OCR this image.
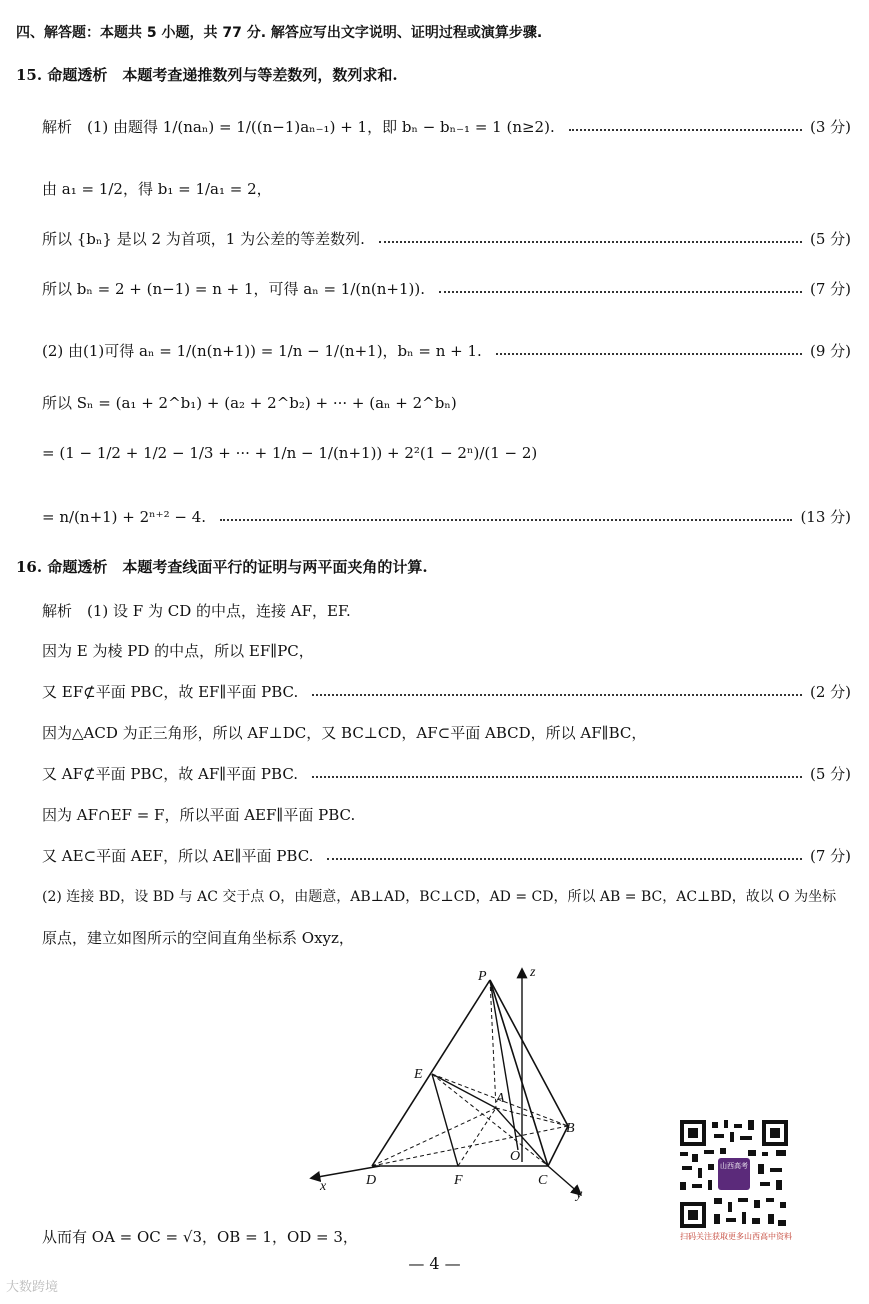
四、解答题：本题共 5 小题，共 77 分. 解答应写出文字说明、证明过程或演算步骤.
15. 命题透析　本题考查递推数列与等差数列，数列求和.
解析　(1) 由题得 1/(naₙ) = 1/((n−1)aₙ₋₁) + 1，即 bₙ − bₙ₋₁ = 1 (n≥2).	(3 分)
由 a₁ = 1/2，得 b₁ = 1/a₁ = 2，
所以 {bₙ} 是以 2 为首项，1 为公差的等差数列.	(5 分)
所以 bₙ = 2 + (n−1) = n + 1，可得 aₙ = 1/(n(n+1)).	(7 分)
(2) 由(1)可得 aₙ = 1/(n(n+1)) = 1/n − 1/(n+1)，bₙ = n + 1.	(9 分)
所以 Sₙ = (a₁ + 2^b₁) + (a₂ + 2^b₂) + ··· + (aₙ + 2^bₙ)
= (1 − 1/2 + 1/2 − 1/3 + ··· + 1/n − 1/(n+1)) + 2²(1 − 2ⁿ)/(1 − 2)
= n/(n+1) + 2ⁿ⁺² − 4.	(13 分)
16. 命题透析　本题考查线面平行的证明与两平面夹角的计算.
解析　(1) 设 F 为 CD 的中点，连接 AF，EF.
因为 E 为棱 PD 的中点，所以 EF∥PC，
又 EF⊄平面 PBC，故 EF∥平面 PBC.	(2 分)
因为△ACD 为正三角形，所以 AF⊥DC，又 BC⊥CD，AF⊂平面 ABCD，所以 AF∥BC，
又 AF⊄平面 PBC，故 AF∥平面 PBC.	(5 分)
因为 AF∩EF = F，所以平面 AEF∥平面 PBC.
又 AE⊂平面 AEF，所以 AE∥平面 PBC.	(7 分)
(2) 连接 BD，设 BD 与 AC 交于点 O，由题意，AB⊥AD，BC⊥CD，AD = CD，所以 AB = BC，AC⊥BD，故以 O 为坐标
原点，建立如图所示的空间直角坐标系 Oxyz，
P
E
A
B
O
D	F	C
x
y
z
从而有 OA = OC = √3，OB = 1，OD = 3，
山西高考
扫码关注获取更多山西高中资料
— 4 —
大数跨境
